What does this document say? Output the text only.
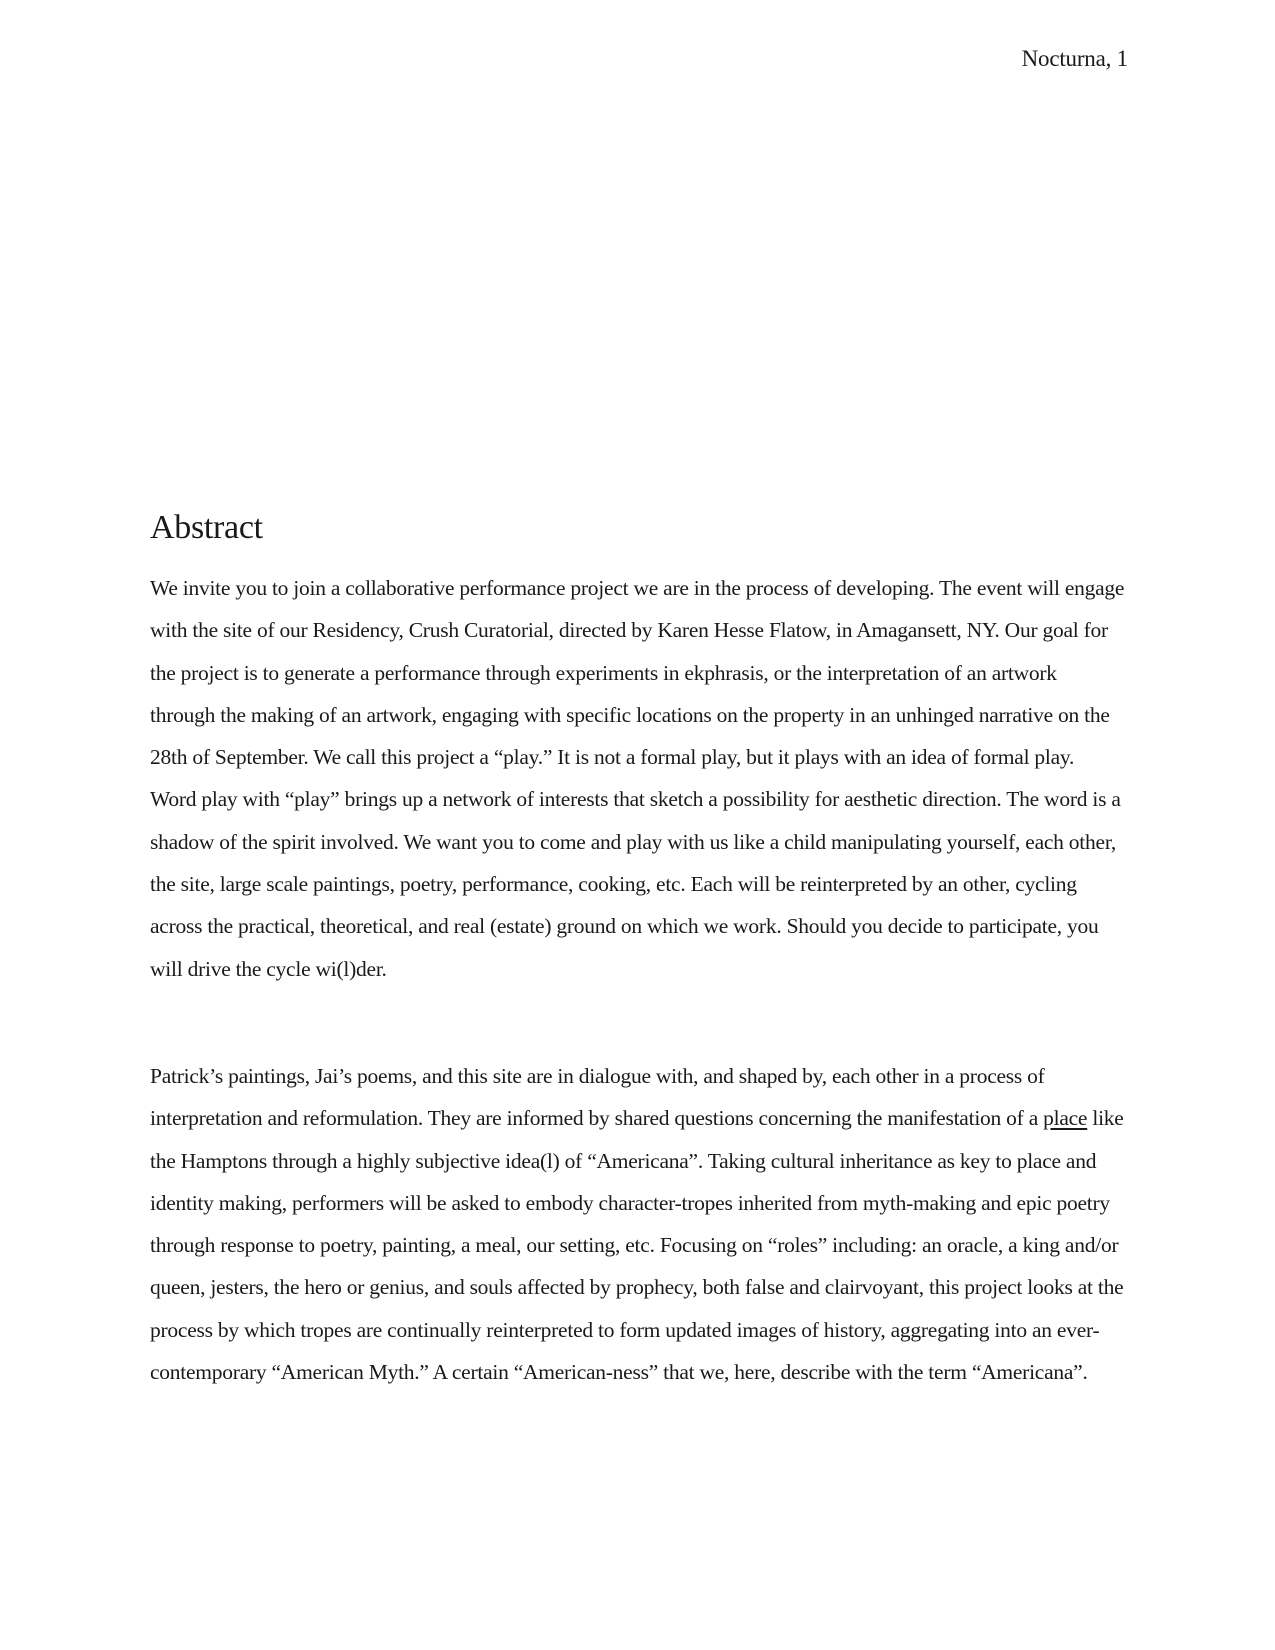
Nocturna, 1
Abstract

We invite you to join a collaborative performance project we are in the process of developing. The event will engage with the site of our Residency, Crush Curatorial, directed by Karen Hesse Flatow, in Amagansett, NY. Our goal for the project is to generate a performance through experiments in ekphrasis, or the interpretation of an artwork through the making of an artwork, engaging with specific locations on the property in an unhinged narrative on the 28th of September. We call this project a “play.” It is not a formal play, but it plays with an idea of formal play. Word play with “play” brings up a network of interests that sketch a possibility for aesthetic direction. The word is a shadow of the spirit involved. We want you to come and play with us like a child manipulating yourself, each other, the site, large scale paintings, poetry, performance, cooking, etc. Each will be reinterpreted by an other, cycling across the practical, theoretical, and real (estate) ground on which we work. Should you decide to participate, you will drive the cycle wi(l)der.

Patrick’s paintings, Jai’s poems, and this site are in dialogue with, and shaped by, each other in a process of interpretation and reformulation. They are informed by shared questions concerning the manifestation of a place like the Hamptons through a highly subjective idea(l) of “Americana”. Taking cultural inheritance as key to place and identity making, performers will be asked to embody character-tropes inherited from myth-making and epic poetry through response to poetry, painting, a meal, our setting, etc. Focusing on “roles” including: an oracle, a king and/or queen, jesters, the hero or genius, and souls affected by prophecy, both false and clairvoyant, this project looks at the process by which tropes are continually reinterpreted to form updated images of history, aggregating into an ever-contemporary “American Myth.” A certain “American-ness” that we, here, describe with the term “Americana”.
